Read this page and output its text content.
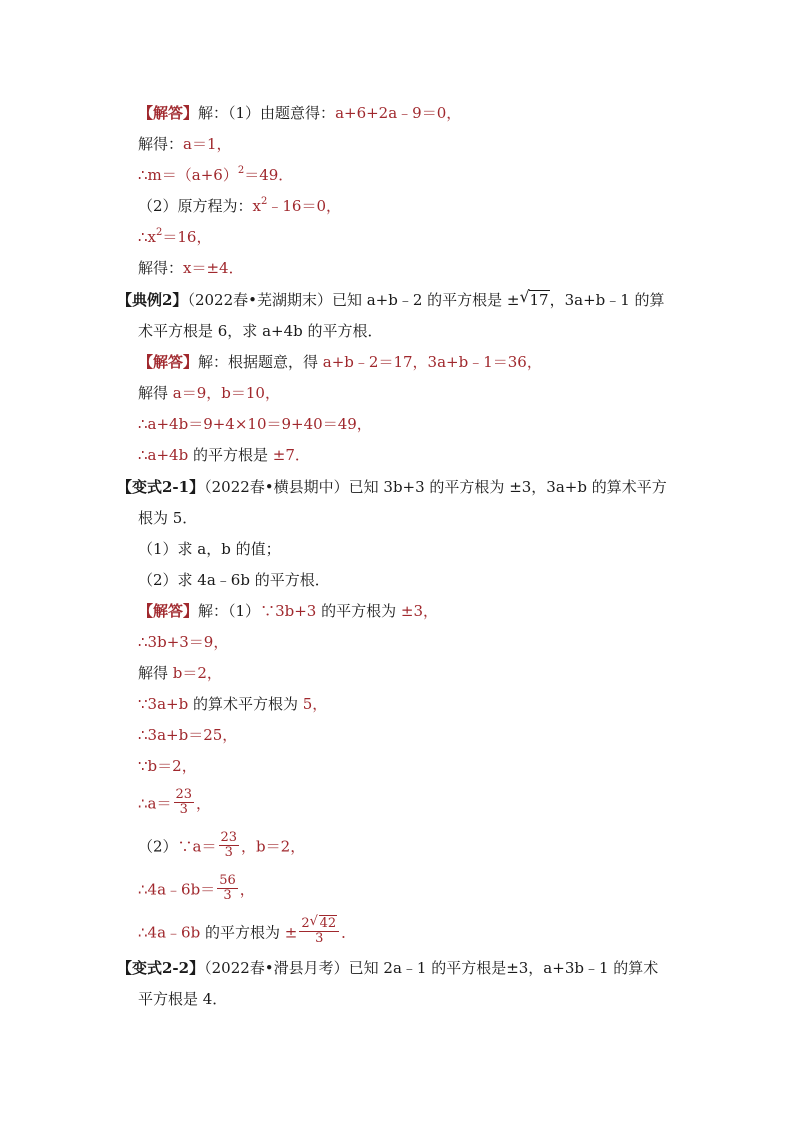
【解答】解：（1）由题意得：a+6+2a﹣9＝0，
解得：a＝1，
$\therefore m=(a+6)^2=49$．
（2）原方程为：$x^2﹣16=0$，
$\therefore x^2=16$，
解得：x＝±4．
【典例2】（2022春•芜湖期末）已知 a+b﹣2 的平方根是 ± √ 17，3a+b﹣1 的算
术平方根是 6，求 a+4b 的平方根．
【解答】解：根据题意，得 a+b﹣2＝17，3a+b﹣1＝36，
解得 a＝9，b＝10，
∴a+4b＝9+4×10＝9+40＝49，
∴a+4b 的平方根是 ±7．
【变式2-1】（2022春•横县期中）已知 3b+3 的平方根为 ±3，3a+b 的算术平方
根为 5．
（1）求 a，b 的值；
（2）求 4a﹣6b 的平方根．
【解答】解：（1）∵3b+3 的平方根为 ±3，
∴3b+3＝9，
解得 b＝2，
∵3a+b 的算术平方根为 5，
∴3a+b＝25，
∵b＝2，
∴a＝ $\frac{23}{3}$ ，
（2）∵a＝ $\frac{23}{3}$ ，b＝2，
∴4a﹣6b＝ $\frac{56}{3}$ ，
∴4a﹣6b 的平方根为 ± $\frac{2 √ 42}{3}$ ．
【变式2-2】（2022春•滑县月考）已知 2a﹣1 的平方根是±3，a+3b﹣1 的算术
平方根是 4．
